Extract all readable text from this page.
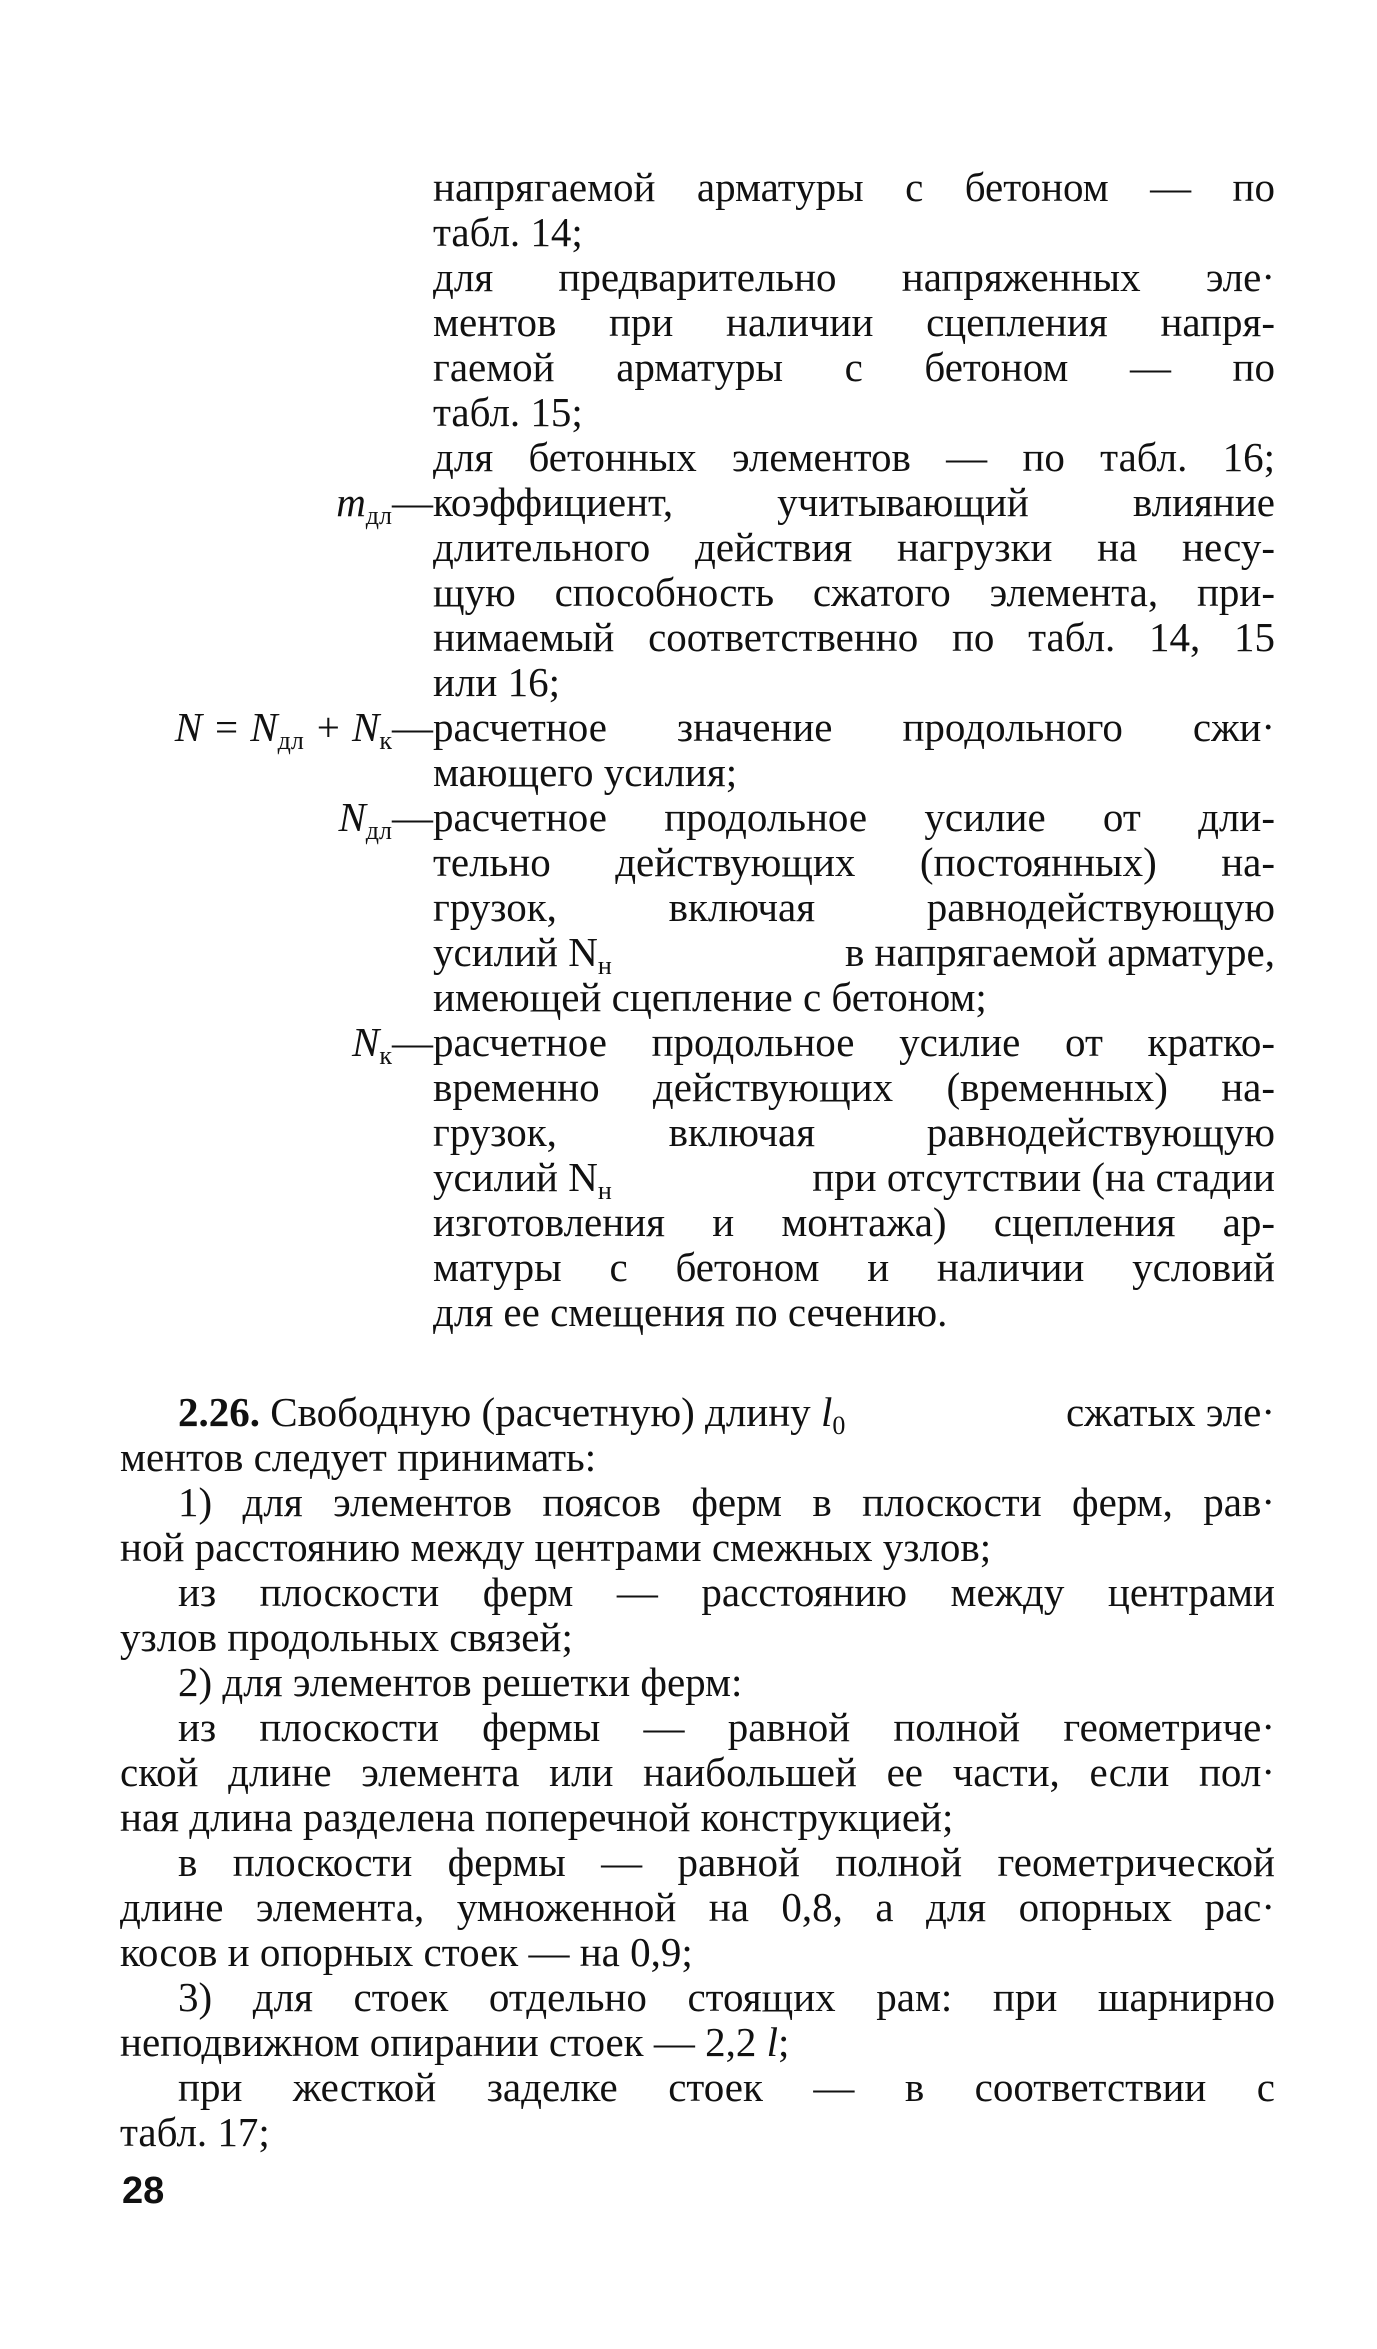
напрягаемой арматуры с бетоном — по
табл. 14;
для предварительно напряженных эле·
ментов при наличии сцепления напря-
гаемой арматуры с бетоном — по
табл. 15;
для бетонных элементов — по табл. 16;
$m_{дл}—$ коэффициент, учитывающий влияние
длительного действия нагрузки на несу-
щую способность сжатого элемента, при-
нимаемый соответственно по табл. 14, 15
или 16;
$N = N_{дл}$ + $N_к—$ расчетное значение продольного сжи·
мающего усилия;
$N_{дл}—$ расчетное продольное усилие от дли-
тельно действующих (постоянных) на-
грузок, включая равнодействующую
усилий Nн	в напрягаемой арматуре,
имеющей сцепление с бетоном;
$N_к—$ расчетное продольное усилие от кратко-
временно действующих (временных) на-
грузок, включая равнодействующую
усилий Nн	при отсутствии (на стадии
изготовления и монтажа) сцепления ар-
матуры с бетоном и наличии условий
для ее смещения по сечению.
2.26. Свободную (расчетную) длину l0	сжатых эле·
ментов следует принимать:
1) для элементов поясов ферм в плоскости ферм, рав·
ной расстоянию между центрами смежных узлов;
из плоскости ферм — расстоянию между центрами
узлов продольных связей;
2) для элементов решетки ферм:
из плоскости фермы — равной полной геометриче·
ской длине элемента или наибольшей ее части, если пол·
ная длина разделена поперечной конструкцией;
в плоскости фермы — равной полной геометрической
длине элемента, умноженной на 0,8, а для опорных рас·
косов и опорных стоек — на 0,9;
3) для стоек отдельно стоящих рам: при шарнирно
неподвижном опирании стоек — 2,2 l;
при жесткой заделке стоек — в соответствии с
табл. 17;
28
